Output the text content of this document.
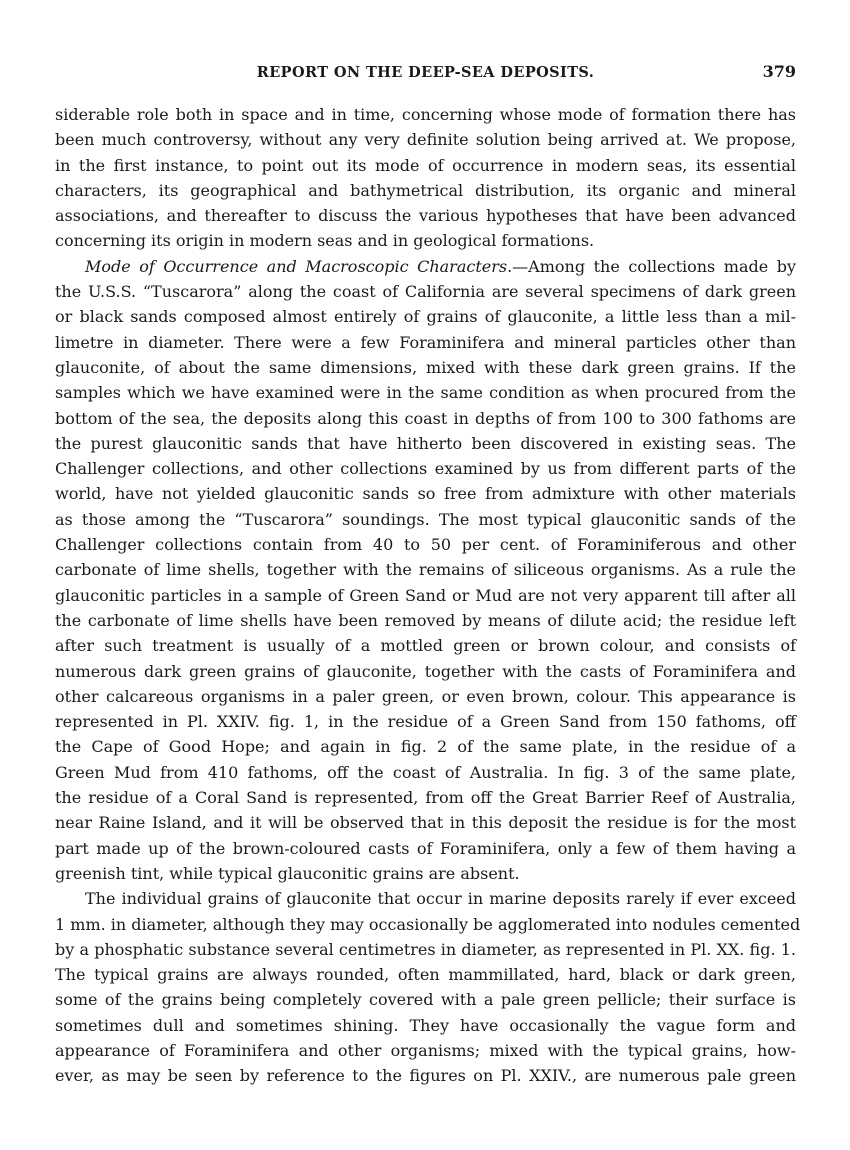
REPORT ON THE DEEP-SEA DEPOSITS.	379
siderable role both in space and in time, concerning whose mode of formation there has
been much controversy, without any very definite solution being arrived at. We propose,
in the first instance, to point out its mode of occurrence in modern seas, its essential
characters, its geographical and bathymetrical distribution, its organic and mineral
associations, and thereafter to discuss the various hypotheses that have been advanced
concerning its origin in modern seas and in geological formations.
Mode of Occurrence and Macroscopic Characters.—Among the collections made by
the U.S.S. “Tuscarora” along the coast of California are several specimens of dark green
or black sands composed almost entirely of grains of glauconite, a little less than a mil-
limetre in diameter. There were a few Foraminifera and mineral particles other than
glauconite, of about the same dimensions, mixed with these dark green grains. If the
samples which we have examined were in the same condition as when procured from the
bottom of the sea, the deposits along this coast in depths of from 100 to 300 fathoms are
the purest glauconitic sands that have hitherto been discovered in existing seas. The
Challenger collections, and other collections examined by us from different parts of the
world, have not yielded glauconitic sands so free from admixture with other materials
as those among the “Tuscarora” soundings. The most typical glauconitic sands of the
Challenger collections contain from 40 to 50 per cent. of Foraminiferous and other
carbonate of lime shells, together with the remains of siliceous organisms. As a rule the
glauconitic particles in a sample of Green Sand or Mud are not very apparent till after all
the carbonate of lime shells have been removed by means of dilute acid; the residue left
after such treatment is usually of a mottled green or brown colour, and consists of
numerous dark green grains of glauconite, together with the casts of Foraminifera and
other calcareous organisms in a paler green, or even brown, colour. This appearance is
represented in Pl. XXIV. fig. 1, in the residue of a Green Sand from 150 fathoms, off
the Cape of Good Hope; and again in fig. 2 of the same plate, in the residue of a
Green Mud from 410 fathoms, off the coast of Australia. In fig. 3 of the same plate,
the residue of a Coral Sand is represented, from off the Great Barrier Reef of Australia,
near Raine Island, and it will be observed that in this deposit the residue is for the most
part made up of the brown-coloured casts of Foraminifera, only a few of them having a
greenish tint, while typical glauconitic grains are absent.
The individual grains of glauconite that occur in marine deposits rarely if ever exceed
1 mm. in diameter, although they may occasionally be agglomerated into nodules cemented
by a phosphatic substance several centimetres in diameter, as represented in Pl. XX. fig. 1.
The typical grains are always rounded, often mammillated, hard, black or dark green,
some of the grains being completely covered with a pale green pellicle; their surface is
sometimes dull and sometimes shining. They have occasionally the vague form and
appearance of Foraminifera and other organisms; mixed with the typical grains, how-
ever, as may be seen by reference to the figures on Pl. XXIV., are numerous pale green
